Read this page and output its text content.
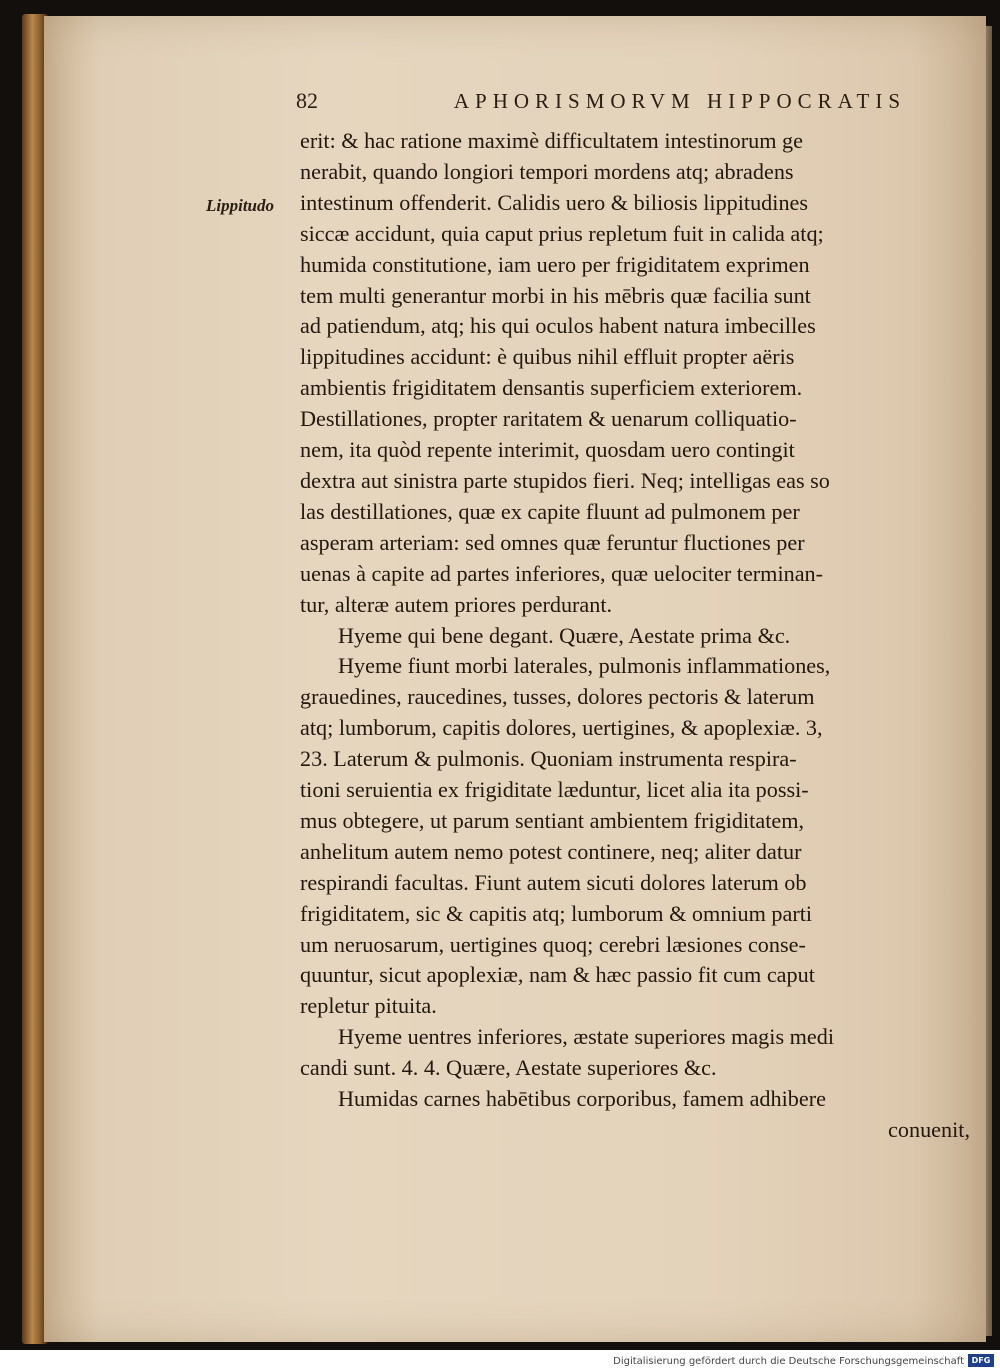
82	APHORISMORVM HIPPOCRATIS
Lippitudo
erit: & hac ratione maximè difficultatem intestinorum ge
nerabit, quando longiori tempori mordens atq; abradens
intestinum offenderit. Calidis uero & biliosis lippitudines
siccæ accidunt, quia caput prius repletum fuit in calida atq;
humida constitutione, iam uero per frigiditatem exprimen
tem multi generantur morbi in his mēbris quæ facilia sunt
ad patiendum, atq; his qui oculos habent natura imbecilles
lippitudines accidunt: è quibus nihil effluit propter aëris
ambientis frigiditatem densantis superficiem exteriorem.
Destillationes, propter raritatem & uenarum colliquatio-
nem, ita quòd repente interimit, quosdam uero contingit
dextra aut sinistra parte stupidos fieri. Neq; intelligas eas so
las destillationes, quæ ex capite fluunt ad pulmonem per
asperam arteriam: sed omnes quæ feruntur fluctiones per
uenas à capite ad partes inferiores, quæ uelociter terminan-
tur, alteræ autem priores perdurant.
Hyeme qui bene degant. Quære, Aestate prima &c.
Hyeme fiunt morbi laterales, pulmonis inflammationes,
grauedines, raucedines, tusses, dolores pectoris & laterum
atq; lumborum, capitis dolores, uertigines, & apoplexiæ. 3,
23. Laterum & pulmonis. Quoniam instrumenta respira-
tioni seruientia ex frigiditate læduntur, licet alia ita possi-
mus obtegere, ut parum sentiant ambientem frigiditatem,
anhelitum autem nemo potest continere, neq; aliter datur
respirandi facultas. Fiunt autem sicuti dolores laterum ob
frigiditatem, sic & capitis atq; lumborum & omnium parti
um neruosarum, uertigines quoq; cerebri læsiones conse-
quuntur, sicut apoplexiæ, nam & hæc passio fit cum caput
repletur pituita.
Hyeme uentres inferiores, æstate superiores magis medi
candi sunt. 4. 4. Quære, Aestate superiores &c.
Humidas carnes habētibus corporibus, famem adhibere
conuenit,
Digitalisierung gefördert durch die Deutsche Forschungsgemeinschaft DFG
